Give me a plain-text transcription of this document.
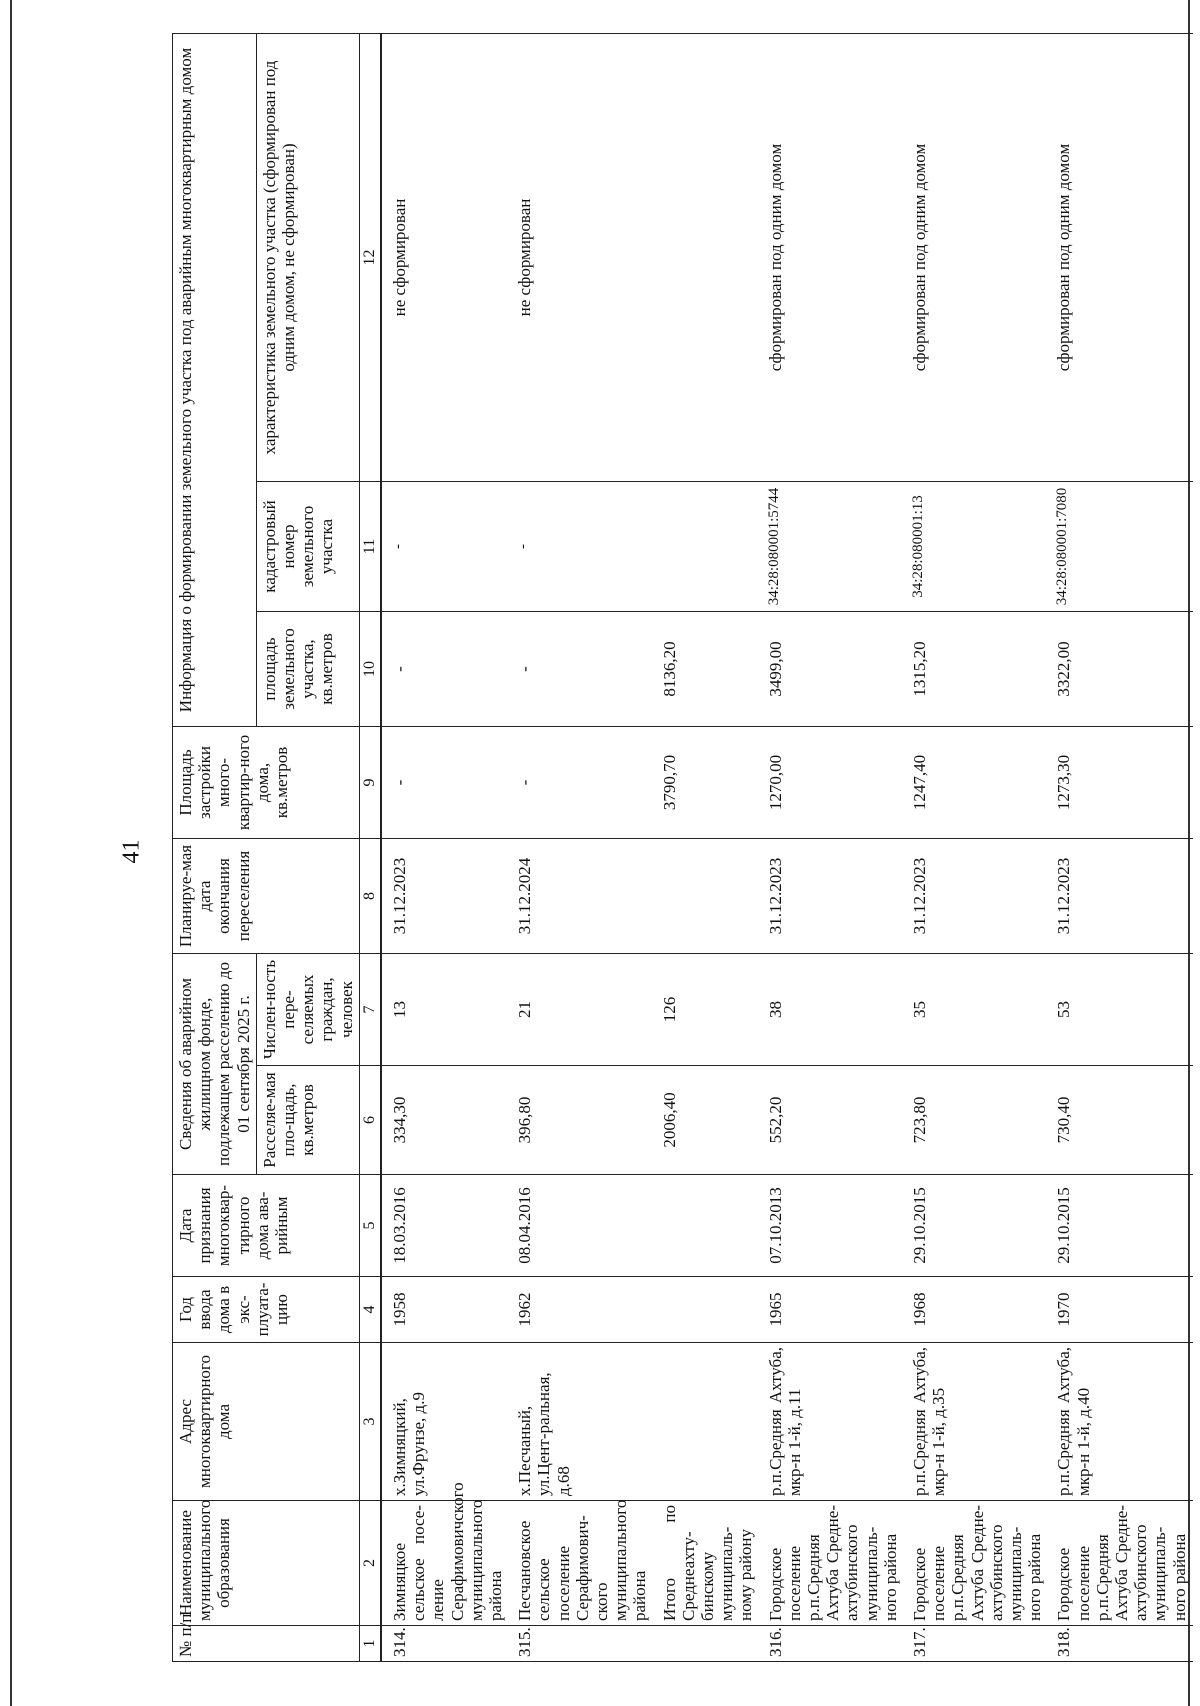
41
№ п/п	Наименование муниципального образования	Адрес многоквартирного дома	Год ввода дома в экс-плуата-цию	Дата признания многоквар-тирного дома ава-рийным	Сведения об аварийном жилищном фонде, подлежащем расселению до 01 сентября 2025 г.		Планируе-мая дата окончания переселения	Площадь застройки много-квартир-ного дома, кв.метров	Информация о формировании земельного участка под аварийным многоквартирным домом		
					Расселяе-мая пло-щадь, кв.метров	Числен-ность пере-селяемых граждан, человек			площадь земельного участка, кв.метров	кадастровый номер земельного участка	характеристика земельного участка (сформирован под одним домом, не сформирован)
1	2	3	4	5	6	7	8	9	10	11	12
314.	Зимняцкое сельское посе-ление Серафимовичского муниципального района	х.Зимняцкий, ул.Фрунзе, д.9	1958	18.03.2016	334,30	13	31.12.2023	-	-	-	не сформирован
315.	Песчановское сельское поселение Серафимович-ского муниципального района	х.Песчаный, ул.Цент-ральная, д.68	1962	08.04.2016	396,80	21	31.12.2024	-	-	-	не сформирован
	Итого по Среднеахту-бинскому муниципаль-ному району				2006,40	126		3790,70	8136,20		
316.	Городское поселение р.п.Средняя Ахтуба Средне-ахтубинского муниципаль-ного района	р.п.Средняя Ахтуба, мкр-н 1-й, д.11	1965	07.10.2013	552,20	38	31.12.2023	1270,00	3499,00	34:28:080001:5744	сформирован под одним домом
317.	Городское поселение р.п.Средняя Ахтуба Средне-ахтубинского муниципаль-ного района	р.п.Средняя Ахтуба, мкр-н 1-й, д.35	1968	29.10.2015	723,80	35	31.12.2023	1247,40	1315,20	34:28:080001:13	сформирован под одним домом
318.	Городское поселение р.п.Средняя Ахтуба Средне-ахтубинского муниципаль-ного района	р.п.Средняя Ахтуба, мкр-н 1-й, д.40	1970	29.10.2015	730,40	53	31.12.2023	1273,30	3322,00	34:28:080001:7080	сформирован под одним домом
